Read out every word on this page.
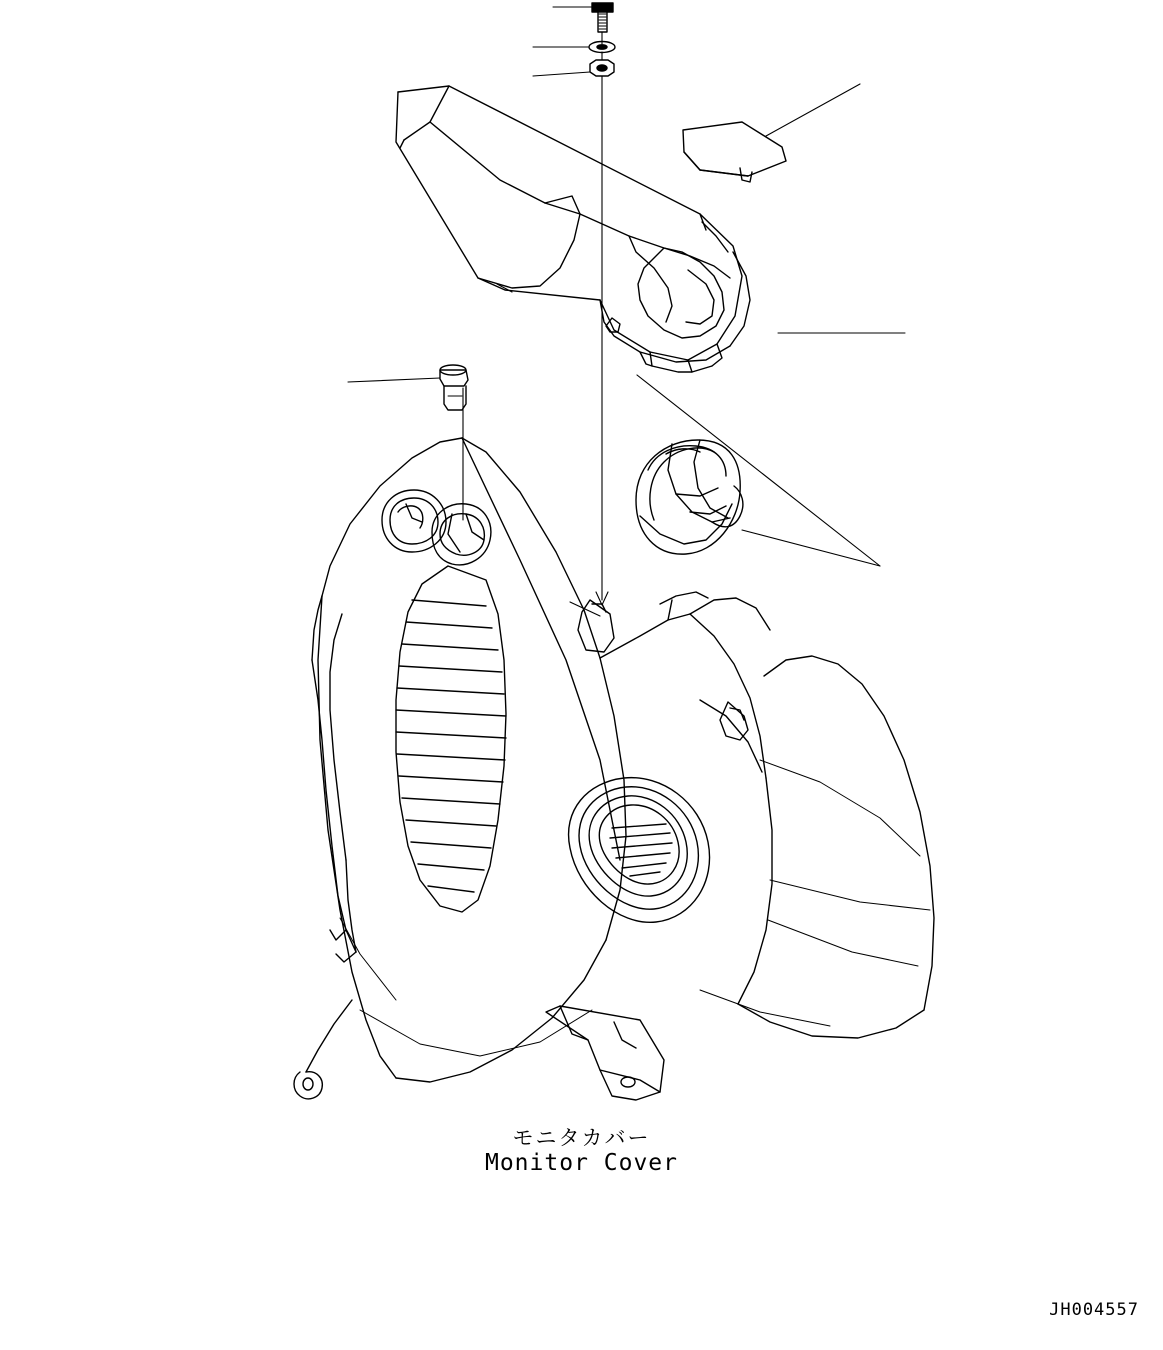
モニタカバー
Monitor Cover
JH004557
